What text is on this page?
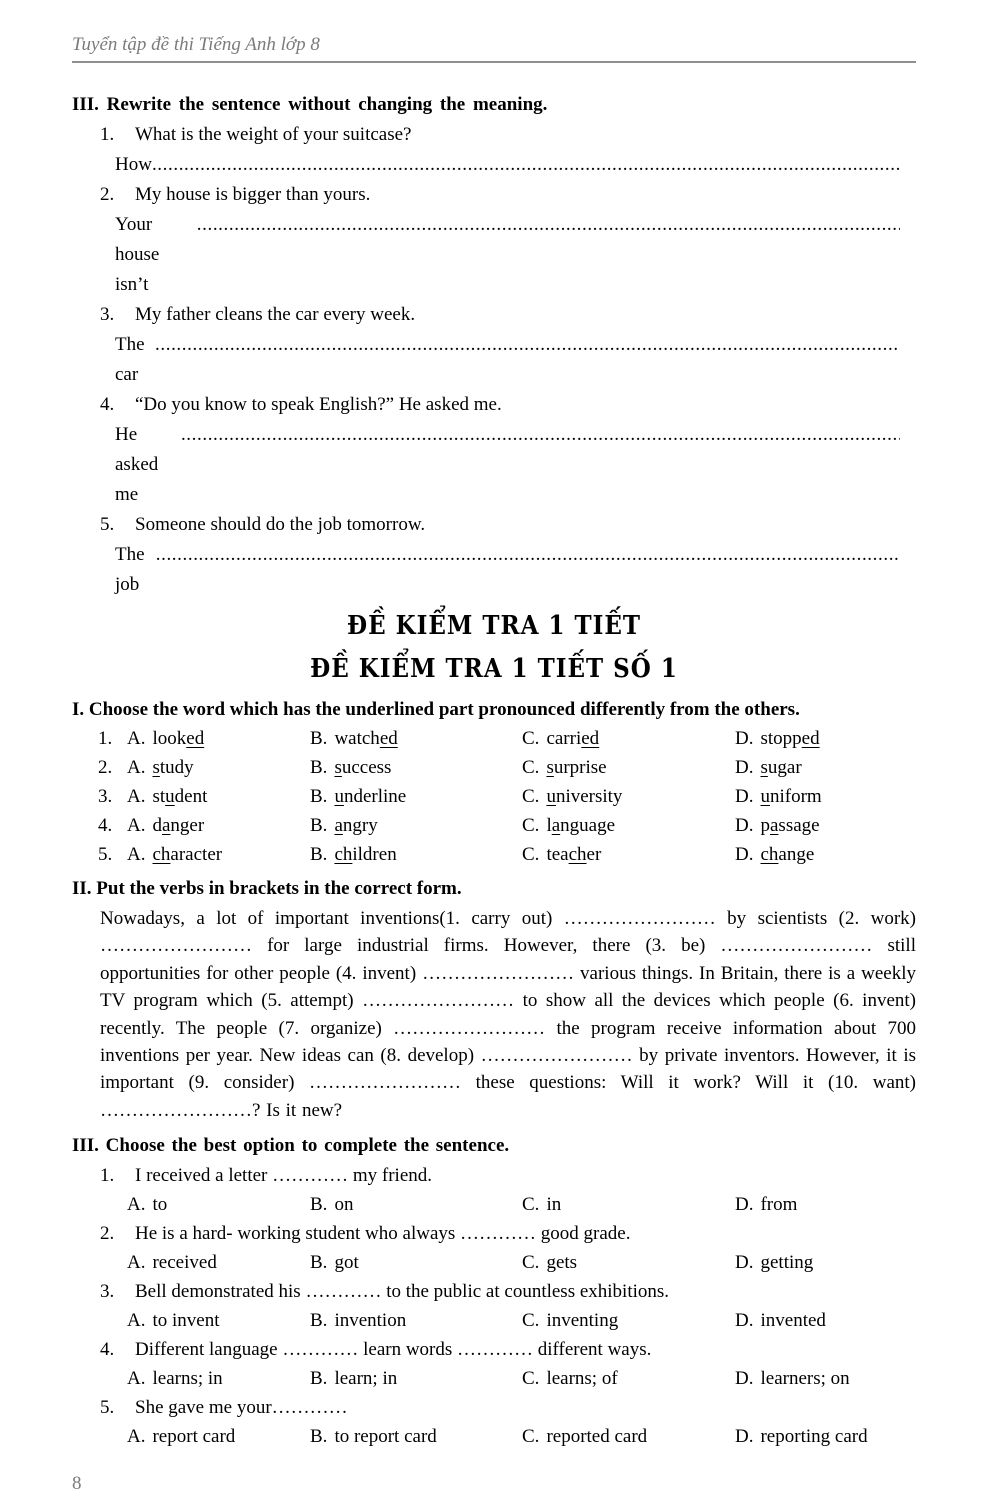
Tuyển tập đề thi Tiếng Anh lớp 8
III. Rewrite the sentence without changing the meaning.
1.	What is the weight of your suitcase?
How
.....
2.	My house is bigger than yours.
Your house isn’t
.....
3.	My father cleans the car every week.
The car
.....
4.	“Do you know to speak English?” He asked me.
He asked me
.....
5.	Someone should do the job tomorrow.
The job
.....
ĐỀ KIỂM TRA 1 TIẾT
ĐỀ KIỂM TRA 1 TIẾT SỐ 1
I. Choose the word which has the underlined part pronounced differently from the others.
1. A. looked	B. watched	C. carried	D. stopped
2. A. study	B. success	C. surprise	D. sugar
3. A. student	B. underline	C. university	D. uniform
4. A. danger	B. angry	C. language	D. passage
5. A. character	B. children	C. teacher	D. change
II. Put the verbs in brackets in the correct form.
Nowadays, a lot of important inventions(1. carry out) …………………… by scientists (2. work) …………………… for large industrial firms. However, there (3. be) …………………… still opportunities for other people (4. invent) …………………… various things. In Britain, there is a weekly TV program which (5. attempt) …………………… to show all the devices which people (6. invent) recently. The people (7. organize) …………………… the program receive information about 700 inventions per year. New ideas can (8. develop) …………………… by private inventors. However, it is important (9. consider) …………………… these questions: Will it work? Will it (10. want) ……………………? Is it new?
III. Choose the best option to complete the sentence.
1.	I received a letter ………… my friend.
A. to	B. on	C. in	D. from
2.	He is a hard- working student who always ………… good grade.
A. received	B. got	C. gets	D. getting
3.	Bell demonstrated his ………… to the public at countless exhibitions.
A. to invent	B. invention	C. inventing	D. invented
4.	Different language ………… learn words ………… different ways.
A. learns; in	B. learn; in	C. learns; of	D. learners; on
5.	She gave me your…………
A. report card	B. to report card	C. reported card	D. reporting card
8
